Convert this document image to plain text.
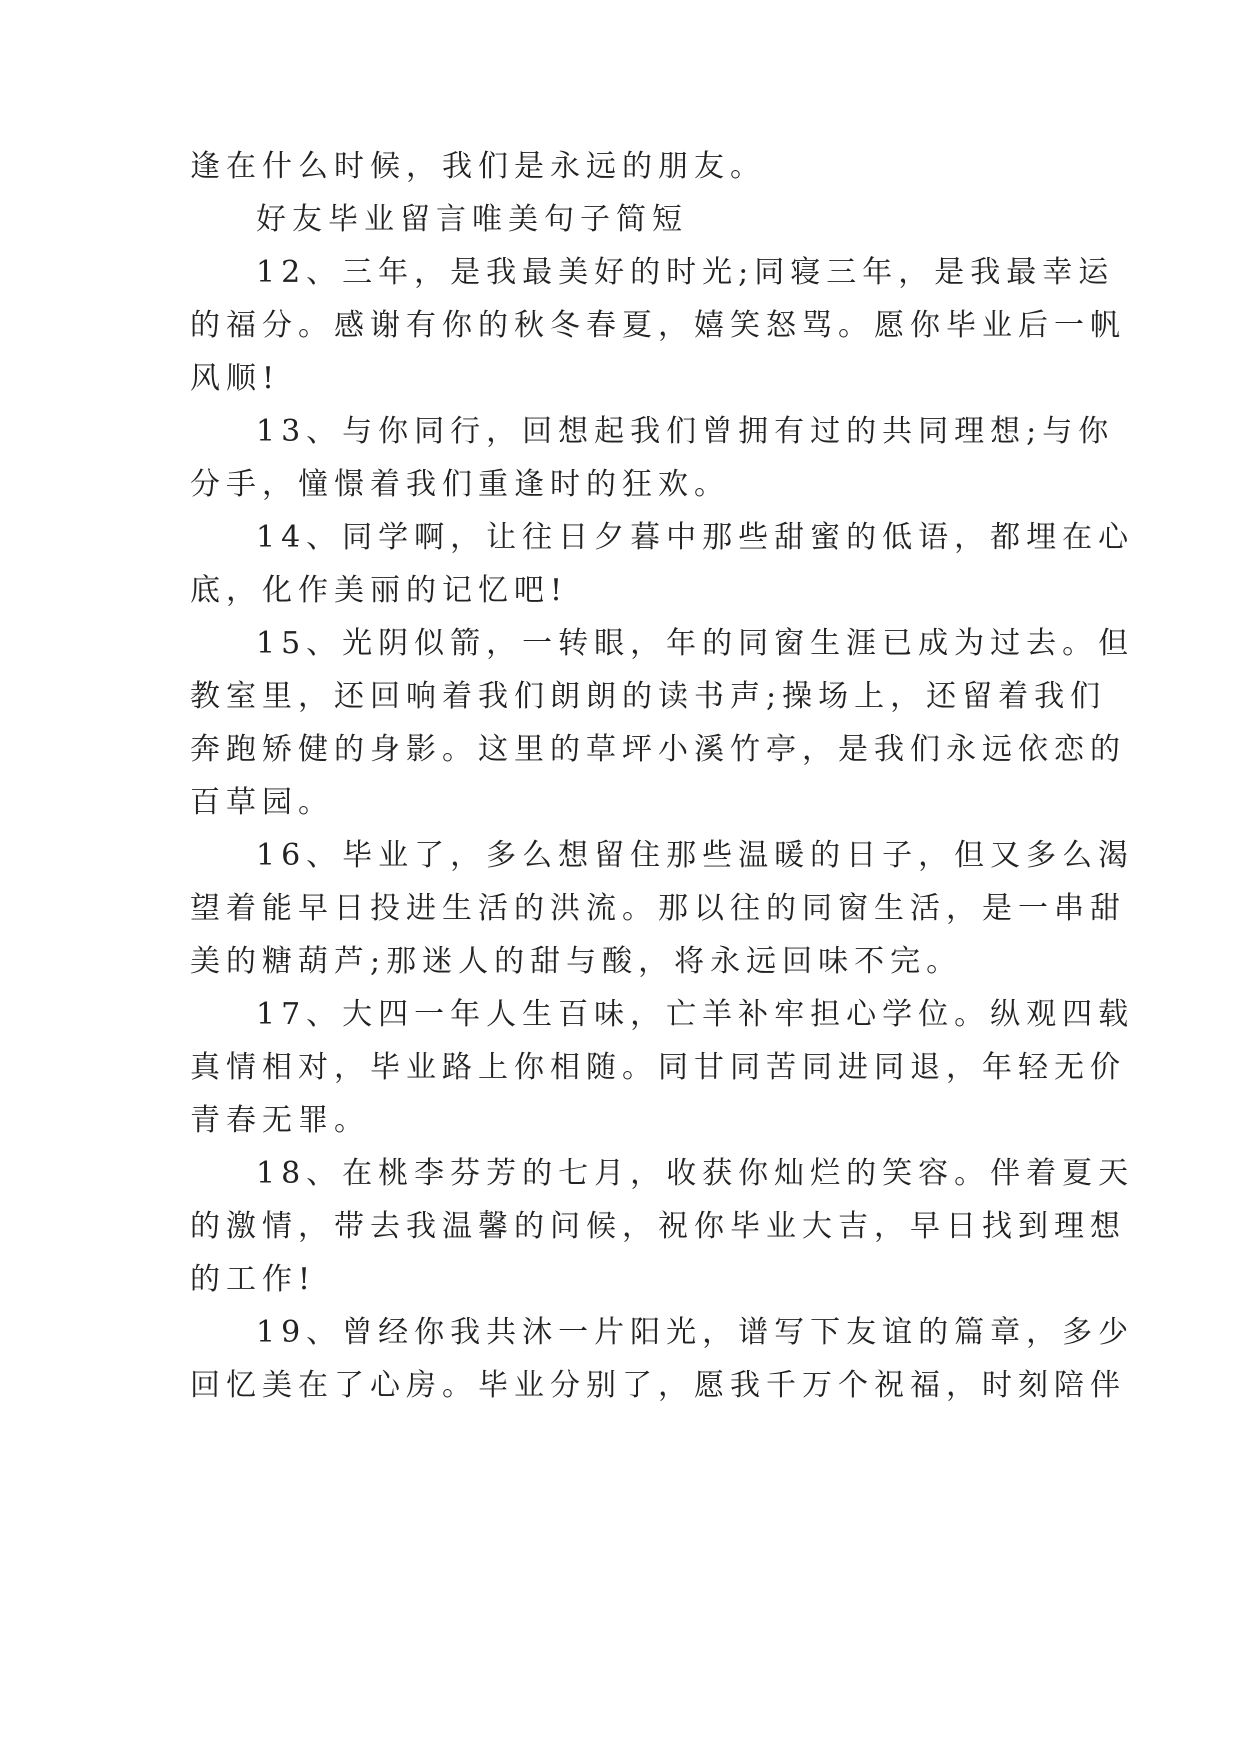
逢在什么时候，我们是永远的朋友。

好友毕业留言唯美句子简短

12、三年，是我最美好的时光;同寝三年，是我最幸运

的福分。感谢有你的秋冬春夏，嬉笑怒骂。愿你毕业后一帆

风顺!

13、与你同行，回想起我们曾拥有过的共同理想;与你

分手，憧憬着我们重逢时的狂欢。

14、同学啊，让往日夕暮中那些甜蜜的低语，都埋在心

底，化作美丽的记忆吧!

15、光阴似箭，一转眼，年的同窗生涯已成为过去。但

教室里，还回响着我们朗朗的读书声;操场上，还留着我们

奔跑矫健的身影。这里的草坪小溪竹亭，是我们永远依恋的

百草园。

16、毕业了，多么想留住那些温暖的日子，但又多么渴

望着能早日投进生活的洪流。那以往的同窗生活，是一串甜

美的糖葫芦;那迷人的甜与酸，将永远回味不完。

17、大四一年人生百味，亡羊补牢担心学位。纵观四载

真情相对，毕业路上你相随。同甘同苦同进同退，年轻无价

青春无罪。

18、在桃李芬芳的七月，收获你灿烂的笑容。伴着夏天

的激情，带去我温馨的问候，祝你毕业大吉，早日找到理想

的工作!

19、曾经你我共沐一片阳光，谱写下友谊的篇章，多少

回忆美在了心房。毕业分别了，愿我千万个祝福，时刻陪伴
